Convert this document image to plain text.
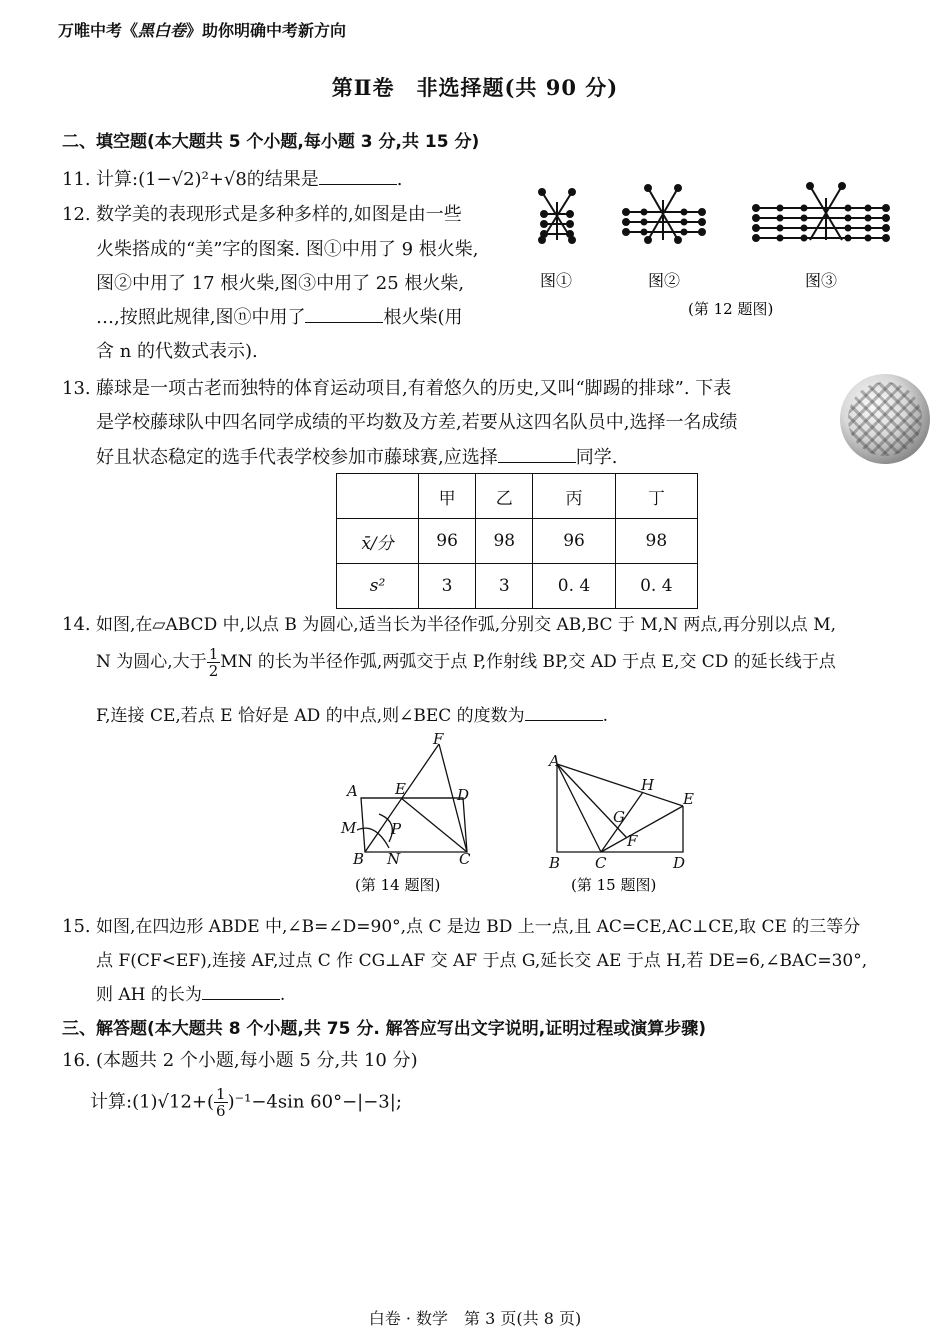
万唯中考《黑白卷》助你明确中考新方向
第Ⅱ卷　非选择题(共 90 分)
二、填空题(本大题共 5 个小题,每小题 3 分,共 15 分)
11. 计算:(1−√2)²+√8的结果是	.
12. 数学美的表现形式是多种多样的,如图是由一些
火柴搭成的“美”字的图案. 图①中用了 9 根火柴,
图②中用了 17 根火柴,图③中用了 25 根火柴,
…,按照此规律,图ⓝ中用了	根火柴(用
含 n 的代数式表示).
图①	图②	图③
(第 12 题图)
13. 藤球是一项古老而独特的体育运动项目,有着悠久的历史,又叫“脚踢的排球”. 下表
是学校藤球队中四名同学成绩的平均数及方差,若要从这四名队员中,选择一名成绩
好且状态稳定的选手代表学校参加市藤球赛,应选择	同学.
	甲	乙	丙	丁
x̄/分	96	98	96	98
s²	3	3	0. 4	0. 4
14. 如图,在▱ABCD 中,以点 B 为圆心,适当长为半径作弧,分别交 AB,BC 于 M,N 两点,再分别以点 M,
N 为圆心,大于 $\frac{1}{2}$ MN 的长为半径作弧,两弧交于点 P,作射线 BP,交 AD 于点 E,交 CD 的延长线于点
F,连接 CE,若点 E 恰好是 AD 的中点,则∠BEC 的度数为	.
F
A E	D
M P
B N	C
(第 14 题图)
A
H
E
G
F
B C	D
(第 15 题图)
15. 如图,在四边形 ABDE 中,∠B=∠D=90°,点 C 是边 BD 上一点,且 AC=CE,AC⊥CE,取 CE 的三等分
点 F(CF<EF),连接 AF,过点 C 作 CG⊥AF 交 AF 于点 G,延长交 AE 于点 H,若 DE=6,∠BAC=30°,
则 AH 的长为	.
三、解答题(本大题共 8 个小题,共 75 分. 解答应写出文字说明,证明过程或演算步骤)
16. (本题共 2 个小题,每小题 5 分,共 10 分)
计算:(1)√12+( $\frac{1}{6} )^{-1}-4\sin$ 60°−|−3|;
白卷 · 数学　第 3 页(共 8 页)
